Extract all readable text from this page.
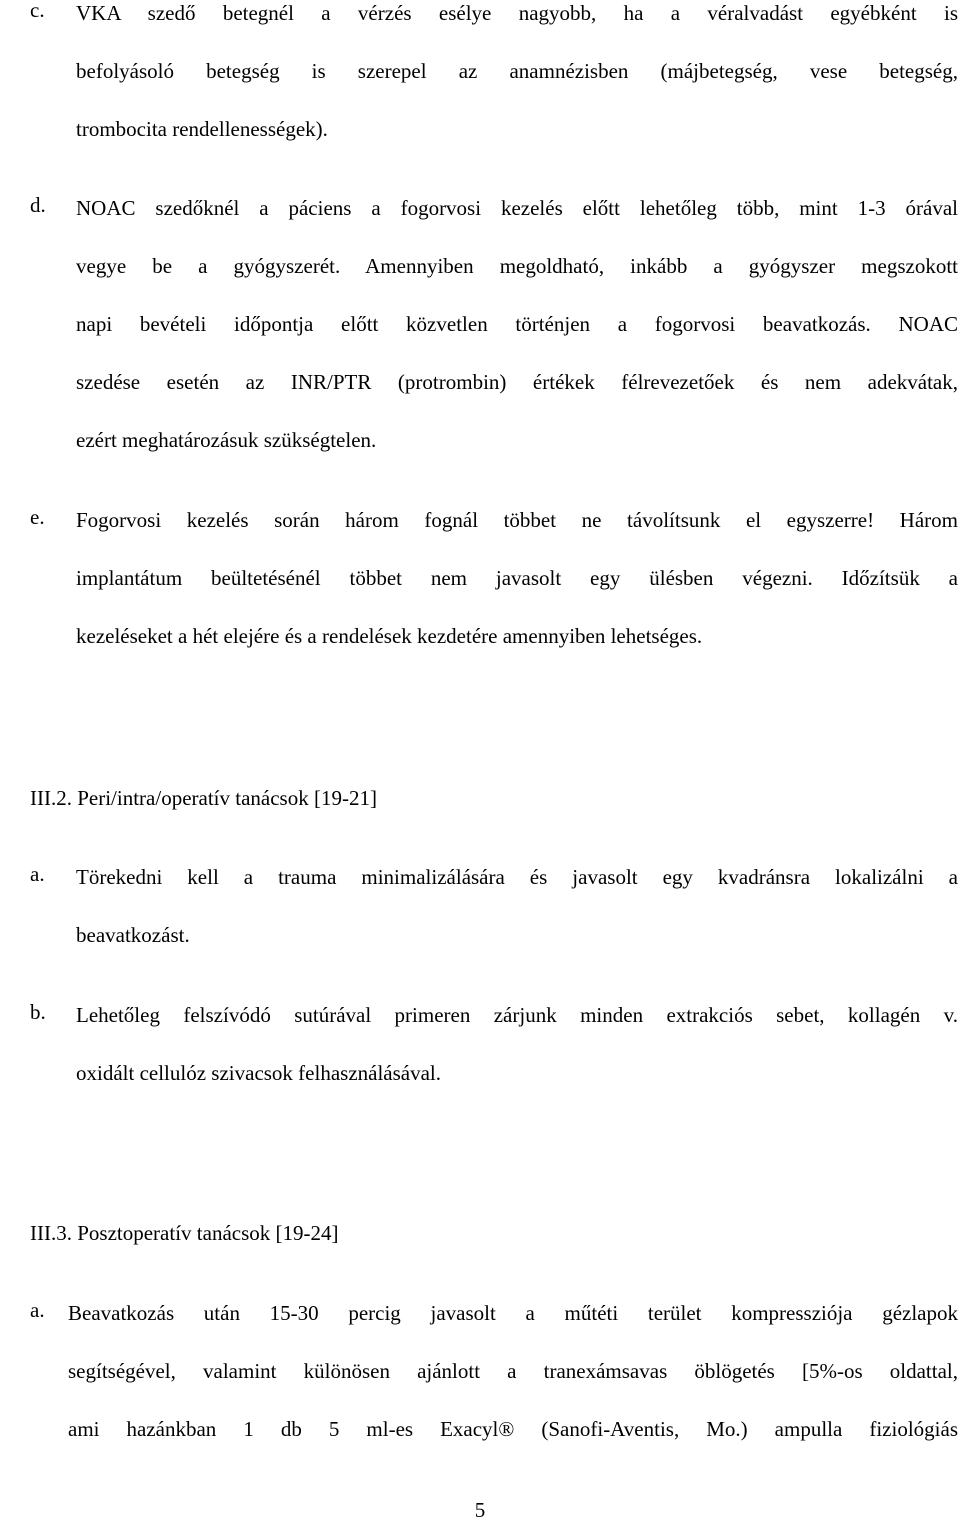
c. VKA szedő betegnél a vérzés esélye nagyobb, ha a véralvadást egyébként is
befolyásoló betegség is szerepel az anamnézisben (májbetegség, vese betegség,
trombocita rendellenességek).
d. NOAC szedőknél a páciens a fogorvosi kezelés előtt lehetőleg több, mint 1-3 órával
vegye be a gyógyszerét. Amennyiben megoldható, inkább a gyógyszer megszokott
napi bevételi időpontja előtt közvetlen történjen a fogorvosi beavatkozás. NOAC
szedése esetén az INR/PTR (protrombin) értékek félrevezetőek és nem adekvátak,
ezért meghatározásuk szükségtelen.
e. Fogorvosi kezelés során három fognál többet ne távolítsunk el egyszerre! Három
implantátum beültetésénél többet nem javasolt egy ülésben végezni. Időzítsük a
kezeléseket a hét elejére és a rendelések kezdetére amennyiben lehetséges.
III.2. Peri/intra/operatív tanácsok [19-21]
a. Törekedni kell a trauma minimalizálására és javasolt egy kvadránsra lokalizálni a
beavatkozást.
b. Lehetőleg felszívódó sutúrával primeren zárjunk minden extrakciós sebet, kollagén v.
oxidált cellulóz szivacsok felhasználásával.
III.3. Posztoperatív tanácsok [19-24]
a. Beavatkozás után 15-30 percig javasolt a műtéti terület kompressziója gézlapok
segítségével, valamint különösen ajánlott a tranexámsavas öblögetés [5%-os oldattal,
ami hazánkban 1 db 5 ml-es Exacyl® (Sanofi-Aventis, Mo.) ampulla fiziológiás
5
